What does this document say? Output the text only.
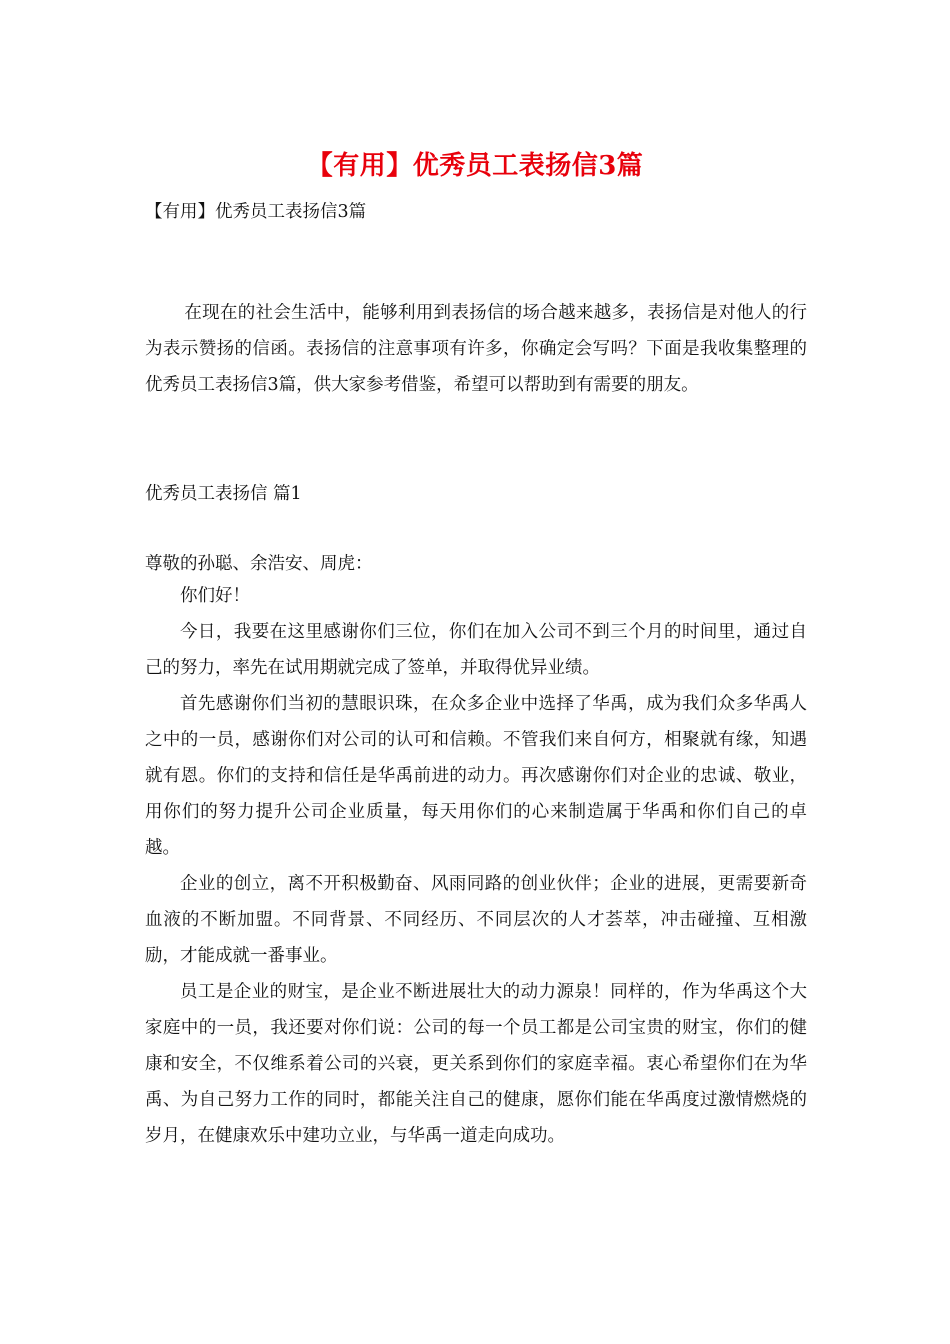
【有用】优秀员工表扬信3篇
【有用】优秀员工表扬信3篇

在现在的社会生活中，能够利用到表扬信的场合越来越多，表扬信是对他人的行为表示赞扬的信函。表扬信的注意事项有许多，你确定会写吗？下面是我收集整理的优秀员工表扬信3篇，供大家参考借鉴，希望可以帮助到有需要的朋友。

优秀员工表扬信 篇1
尊敬的孙聪、余浩安、周虎：

你们好！

今日，我要在这里感谢你们三位，你们在加入公司不到三个月的时间里，通过自己的努力，率先在试用期就完成了签单，并取得优异业绩。

首先感谢你们当初的慧眼识珠，在众多企业中选择了华禹，成为我们众多华禹人之中的一员，感谢你们对公司的认可和信赖。不管我们来自何方，相聚就有缘，知遇就有恩。你们的支持和信任是华禹前进的动力。再次感谢你们对企业的忠诚、敬业，用你们的努力提升公司企业质量，每天用你们的心来制造属于华禹和你们自己的卓越。

企业的创立，离不开积极勤奋、风雨同路的创业伙伴；企业的进展，更需要新奇血液的不断加盟。不同背景、不同经历、不同层次的人才荟萃，冲击碰撞、互相激励，才能成就一番事业。

员工是企业的财宝，是企业不断进展壮大的动力源泉！同样的，作为华禹这个大家庭中的一员，我还要对你们说：公司的每一个员工都是公司宝贵的财宝，你们的健康和安全，不仅维系着公司的兴衰，更关系到你们的家庭幸福。衷心希望你们在为华禹、为自己努力工作的同时，都能关注自己的健康，愿你们能在华禹度过激情燃烧的岁月，在健康欢乐中建功立业，与华禹一道走向成功。
